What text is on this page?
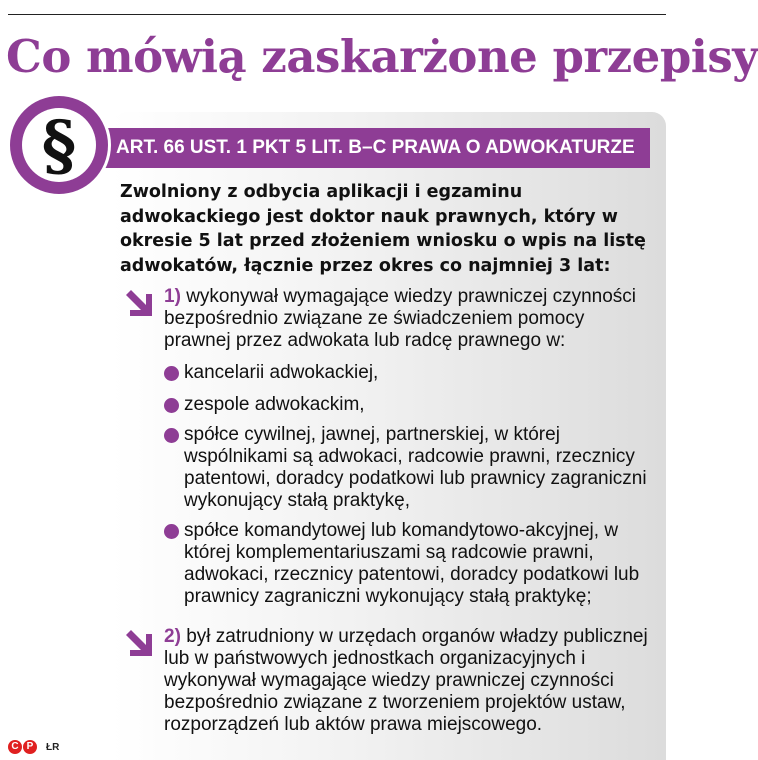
Co mówią zaskarżone przepisy
ART. 66 UST. 1 PKT 5 LIT. B–C PRAWA O ADWOKATURZE
§

Zwolniony z odbycia aplikacji i egzaminu adwokackiego jest doktor nauk prawnych, który w okresie 5 lat przed złożeniem wniosku o wpis na listę adwokatów, łącznie przez okres co najmniej 3 lat:

1) wykonywał wymagające wiedzy prawniczej czynności bezpośrednio związane ze świadczeniem pomocy prawnej przez adwokata lub radcę prawnego w:

kancelarii adwokackiej,
zespole adwokackim,
spółce cywilnej, jawnej, partnerskiej, w której wspólnikami są adwokaci, radcowie prawni, rzecznicy patentowi, doradcy podatkowi lub prawnicy zagraniczni wykonujący stałą praktykę,
spółce komandytowej lub komandytowo-akcyjnej, w której komplementariuszami są radcowie prawni, adwokaci, rzecznicy patentowi, doradcy podatkowi lub prawnicy zagraniczni wykonujący stałą praktykę;

2) był zatrudniony w urzędach organów władzy publicznej lub w państwowych jednostkach organizacyjnych i wykonywał wymagające wiedzy prawniczej czynności bezpośrednio związane z tworzeniem projektów ustaw, rozporządzeń lub aktów prawa miejscowego.

C P	ŁR
